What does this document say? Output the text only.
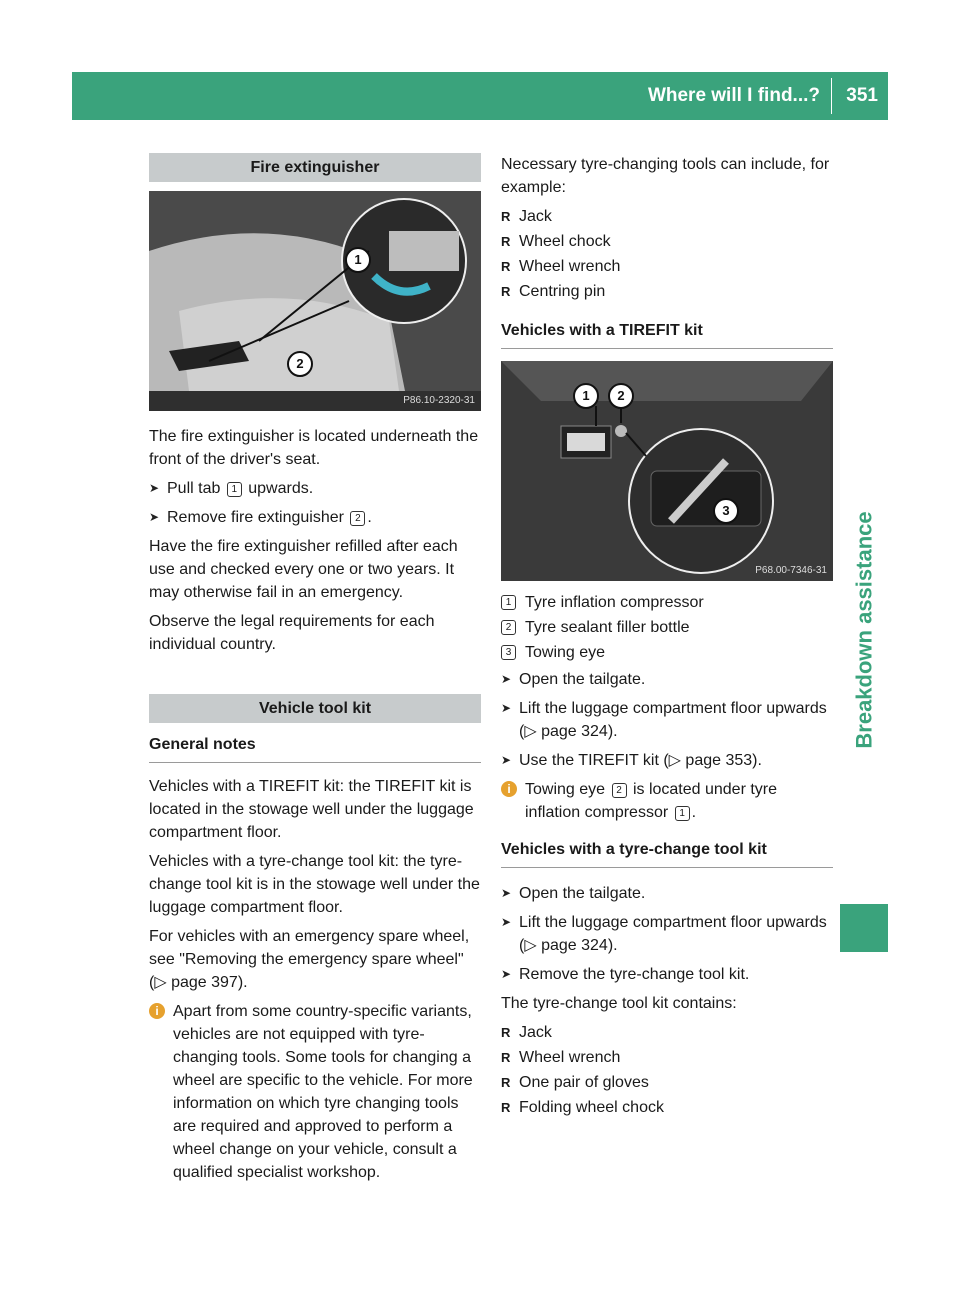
Where will I find...? 351
Breakdown assistance
Fire extinguisher
1
2
P86.10-2320-31

The fire extinguisher is located underneath the front of the driver's seat.

➤ Pull tab 1 upwards.
➤ Remove fire extinguisher 2 .

Have the fire extinguisher refilled after each use and checked every one or two years. It may otherwise fail in an emergency.

Observe the legal requirements for each individual country.

Vehicle tool kit
General notes

Vehicles with a TIREFIT kit: the TIREFIT kit is located in the stowage well under the luggage compartment floor.

Vehicles with a tyre-change tool kit: the tyre-change tool kit is in the stowage well under the luggage compartment floor.

For vehicles with an emergency spare wheel, see "Removing the emergency spare wheel" (▷ page 397).

i Apart from some country-specific variants, vehicles are not equipped with tyre-changing tools. Some tools for changing a wheel are specific to the vehicle. For more information on which tyre changing tools are required and approved to perform a wheel change on your vehicle, consult a qualified specialist workshop.

Necessary tyre-changing tools can include, for example:

R Jack
R Wheel chock
R Wheel wrench
R Centring pin
Vehicles with a TIREFIT kit
1	2
3
P68.00-7346-31
1 Tyre inflation compressor
2 Tyre sealant filler bottle
3 Towing eye
➤ Open the tailgate.
➤ Lift the luggage compartment floor upwards (▷ page 324).
➤ Use the TIREFIT kit (▷ page 353).
i Towing eye 2 is located under tyre inflation compressor 1 .
Vehicles with a tyre-change tool kit
➤ Open the tailgate.
➤ Lift the luggage compartment floor upwards (▷ page 324).
➤ Remove the tyre-change tool kit.

The tyre-change tool kit contains:

R Jack
R Wheel wrench
R One pair of gloves
R Folding wheel chock
